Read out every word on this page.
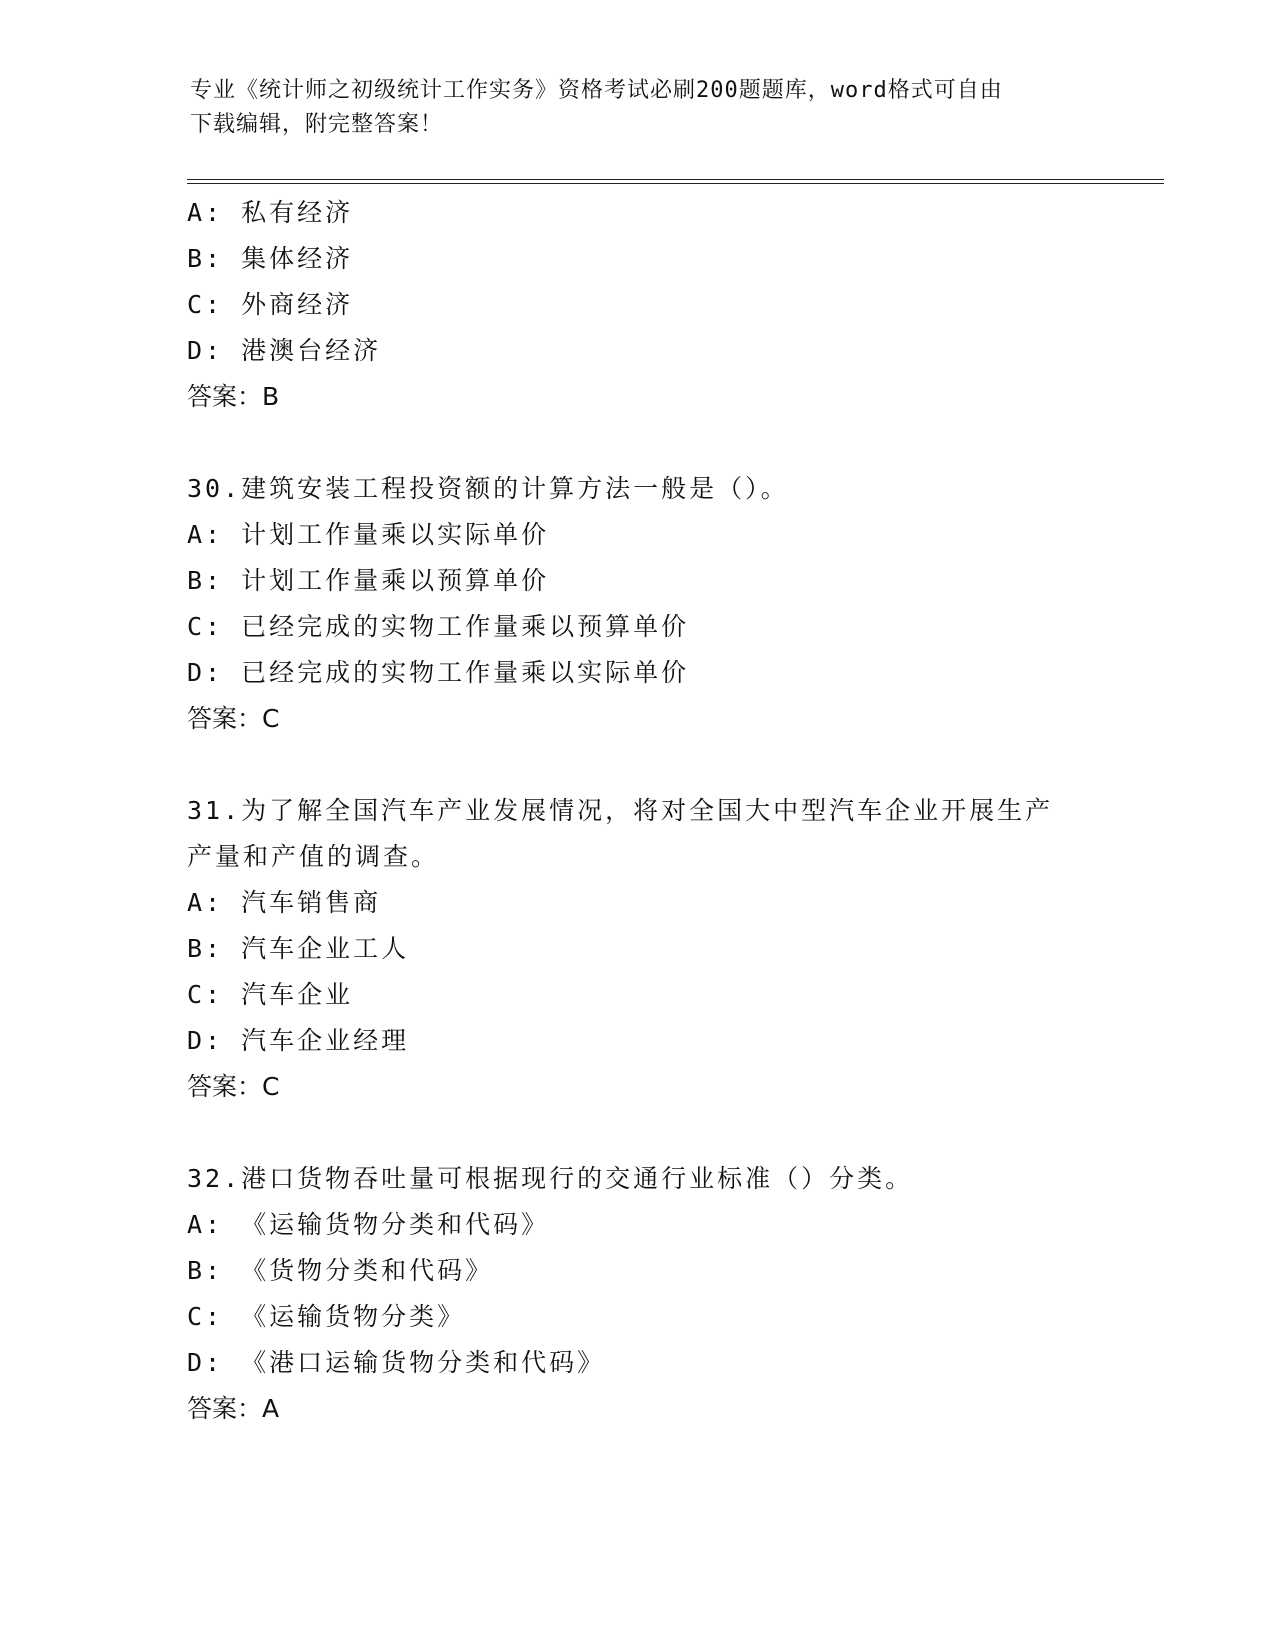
专业《统计师之初级统计工作实务》资格考试必刷200题题库，word格式可自由
下载编辑，附完整答案！
A: 私有经济
B: 集体经济
C: 外商经济
D: 港澳台经济
答案：B
30.建筑安装工程投资额的计算方法一般是（）。
A: 计划工作量乘以实际单价
B: 计划工作量乘以预算单价
C: 已经完成的实物工作量乘以预算单价
D: 已经完成的实物工作量乘以实际单价
答案：C
31.为了解全国汽车产业发展情况，将对全国大中型汽车企业开展生产
产量和产值的调查。
A: 汽车销售商
B: 汽车企业工人
C: 汽车企业
D: 汽车企业经理
答案：C
32.港口货物吞吐量可根据现行的交通行业标准（）分类。
A: 《运输货物分类和代码》
B: 《货物分类和代码》
C: 《运输货物分类》
D: 《港口运输货物分类和代码》
答案：A
